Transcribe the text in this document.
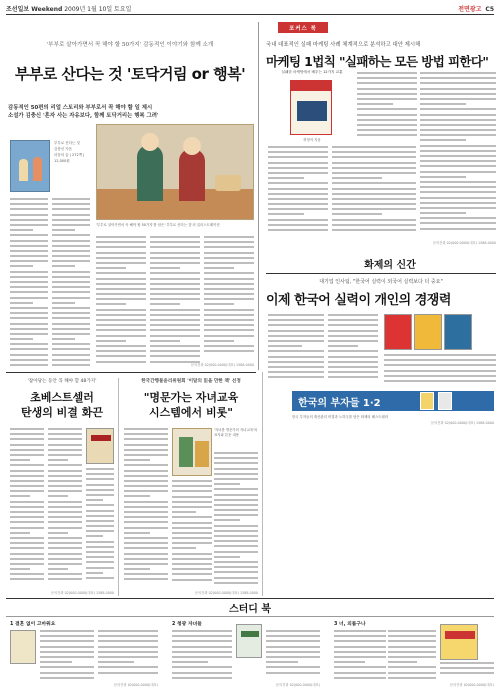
조선일보 Weekend 2009년 1월 10일 토요일	전면광고 C5
'부부로 살아가면서 꼭 해야 할 50가지' 감동적인 이야기와 함께 소개
부부로 산다는 것 '토닥거림 or 행복'
감동적인 50편의 리얼 스토리와 부부로서 꼭 해야 할 일 제시
소설가 김충신 '혼자 사는 자유보다, 함께 토닥거리는 행복 그려'
부부로 산다는 것
김충신 지음
마음의 숲 | 272쪽 | 12,000원
'부부로 살아가면서 꼭 해야 할 50가지'를 담은 '부부로 산다는 것'의 일러스트레이션
문의전화 02)000-0000(대표) 1588-0000
포커스 북
국내 대표적인 실패 마케팅 사례 체계적으로 분석하고 대안 제시해
마케팅 1법칙 "실패하는 모든 방법 피한다"
실패한 마케팅에서 배우는 12가지 교훈
허영석 지음
문의전화 02)000-0000(대표) 1588-0000
화제의 신간
대기업 인사팀, "한국어 실력이 외국어 실력보다 더 중요"
이제 한국어 실력이 개인의 경쟁력
한국의 부자들 1·2
한국 부자들의 재산관리 비결과 노하우를 담은 화제의 베스트셀러
문의전화 02)000-0000(대표) 1588-0000
'잡아당는 동안 꼭 해야 할 48가지'
초베스트셀러
탄생의 비결 화끈
문의전화 02)000-0000(대표) 1588-0000
한국간행물윤리위원회 '이달의 읽을 만한 책' 선정
"명문가는 자녀교육
시스템에서 비롯"
'자녀를 명문가의 자녀교육'의 표지와 본문 내용
문의전화 02)000-0000(대표) 1588-0000
스터디 북
1 결혼 없이 고마워요
문의전화 02)000-0000(대표)
2 청광 자녀들
문의전화 02)000-0000(대표)
3 너, 외롭구나
문의전화 02)000-0000(대표)
